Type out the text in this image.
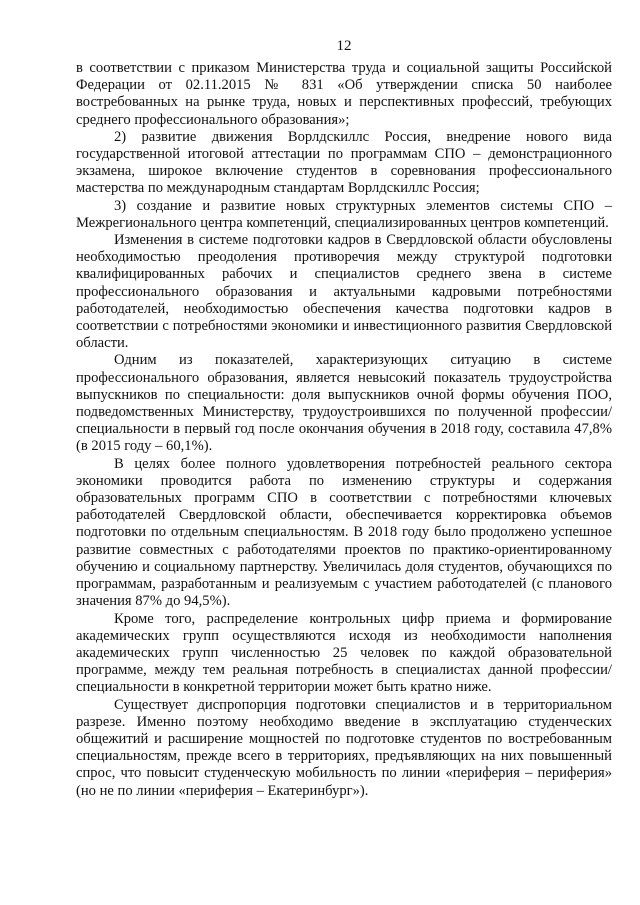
12

в соответствии с приказом Министерства труда и социальной защиты Российской Федерации от 02.11.2015 № 831 «Об утверждении списка 50 наиболее востребованных на рынке труда, новых и перспективных профессий, требующих среднего профессионального образования»;

2) развитие движения Ворлдскиллс Россия, внедрение нового вида государственной итоговой аттестации по программам СПО – демонстрационного экзамена, широкое включение студентов в соревнования профессионального мастерства по международным стандартам Ворлдскиллс Россия;

3) создание и развитие новых структурных элементов системы СПО – Межрегионального центра компетенций, специализированных центров компетенций.

Изменения в системе подготовки кадров в Свердловской области обусловлены необходимостью преодоления противоречия между структурой подготовки квалифицированных рабочих и специалистов среднего звена в системе профессионального образования и актуальными кадровыми потребностями работодателей, необходимостью обеспечения качества подготовки кадров в соответствии с потребностями экономики и инвестиционного развития Свердловской области.

Одним из показателей, характеризующих ситуацию в системе профессионального образования, является невысокий показатель трудоустройства выпускников по специальности: доля выпускников очной формы обучения ПОО, подведомственных Министерству, трудоустроившихся по полученной профессии/специальности в первый год после окончания обучения в 2018 году, составила 47,8% (в 2015 году – 60,1%).

В целях более полного удовлетворения потребностей реального сектора экономики проводится работа по изменению структуры и содержания образовательных программ СПО в соответствии с потребностями ключевых работодателей Свердловской области, обеспечивается корректировка объемов подготовки по отдельным специальностям. В 2018 году было продолжено успешное развитие совместных с работодателями проектов по практико-ориентированному обучению и социальному партнерству. Увеличилась доля студентов, обучающихся по программам, разработанным и реализуемым с участием работодателей (с планового значения 87% до 94,5%).

Кроме того, распределение контрольных цифр приема и формирование академических групп осуществляются исходя из необходимости наполнения академических групп численностью 25 человек по каждой образовательной программе, между тем реальная потребность в специалистах данной профессии/специальности в конкретной территории может быть кратно ниже.

Существует диспропорция подготовки специалистов и в территориальном разрезе. Именно поэтому необходимо введение в эксплуатацию студенческих общежитий и расширение мощностей по подготовке студентов по востребованным специальностям, прежде всего в территориях, предъявляющих на них повышенный спрос, что повысит студенческую мобильность по линии «периферия – периферия» (но не по линии «периферия – Екатеринбург»).
